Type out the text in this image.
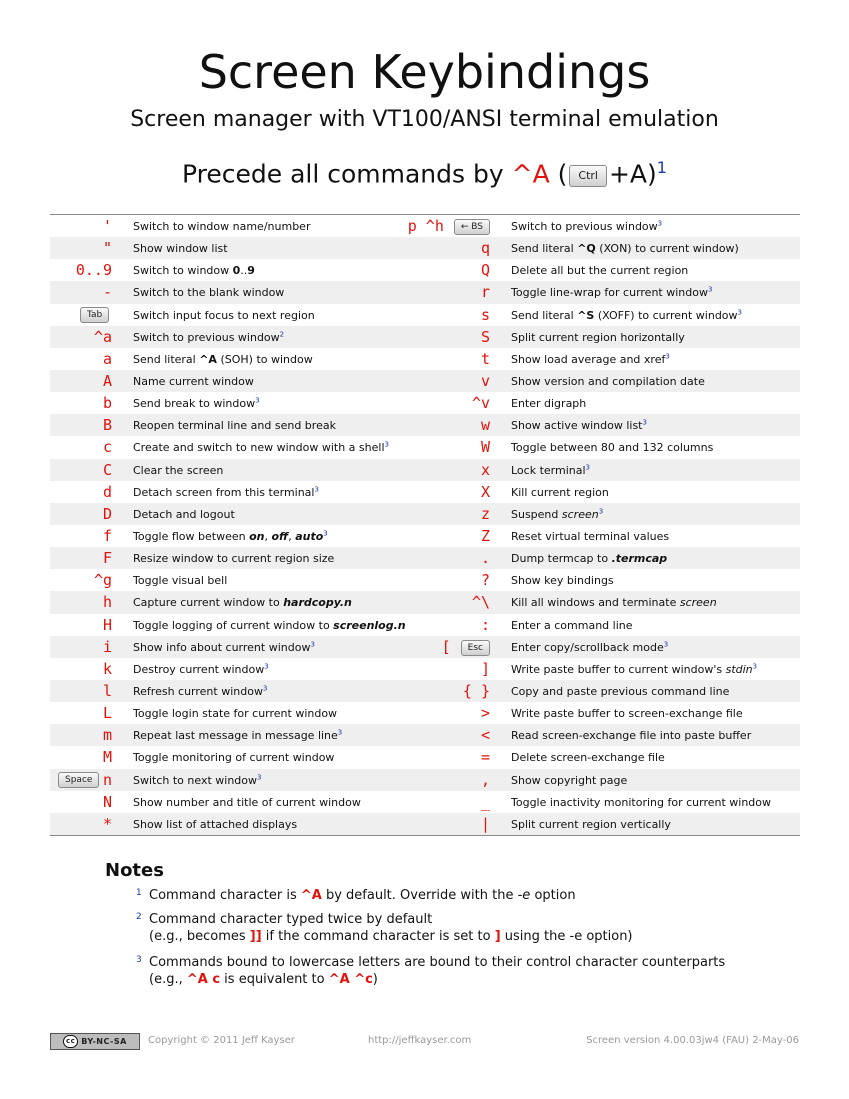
Screen Keybindings
Screen manager with VT100/ANSI terminal emulation
Precede all commands by ^A ( Ctrl +A)$^1$
' Switch to window name/number	p ^h ← BS	Switch to previous window$^3$
" Show window list	q Send literal ^Q (XON) to current window)
0..9 Switch to window 0..9	Q Delete all but the current region
- Switch to the blank window	r Toggle line-wrap for current window$^3$
Tab	Switch input focus to next region	s Send literal ^S (XOFF) to current window$^3$
^a Switch to previous window$^2$	S Split current region horizontally
a Send literal ^A (SOH) to window	t Show load average and xref$^3$
A Name current window	v Show version and compilation date
b Send break to window$^3$	^v Enter digraph
B Reopen terminal line and send break	w Show active window list$^3$
c Create and switch to new window with a shell$^3$	W Toggle between 80 and 132 columns
C Clear the screen	x Lock terminal$^3$
d Detach screen from this terminal$^3$	X Kill current region
D Detach and logout	z Suspend screen$^3$
f Toggle flow between on, off, auto$^3$	Z Reset virtual terminal values
F Resize window to current region size	. Dump termcap to .termcap
^g Toggle visual bell	? Show key bindings
h Capture current window to hardcopy.n	^\ Kill all windows and terminate screen
H Toggle logging of current window to screenlog.n	: Enter a command line
i Show info about current window$^3$	[ Esc	Enter copy/scrollback mode$^3$
k Destroy current window$^3$	] Write paste buffer to current window's stdin$^3$
l Refresh current window$^3$	{ } Copy and paste previous command line
L Toggle login state for current window	> Write paste buffer to screen-exchange file
m Repeat last message in message line$^3$	< Read screen-exchange file into paste buffer
M Toggle monitoring of current window	= Delete screen-exchange file
Space n Switch to next window$^3$	, Show copyright page
N Show number and title of current window	_ Toggle inactivity monitoring for current window
* Show list of attached displays	| Split current region vertically
Notes
1 Command character is ^A by default. Override with the -e option
2 Command character typed twice by default
(e.g., becomes ]] if the command character is set to ] using the -e option)
3 Commands bound to lowercase letters are bound to their control character counterparts
(e.g., ^A c is equivalent to ^A ^c)
cc BY-NC-SA	Copyright © 2011 Jeff Kayser	http://jeffkayser.com	Screen version 4.00.03jw4 (FAU) 2-May-06
